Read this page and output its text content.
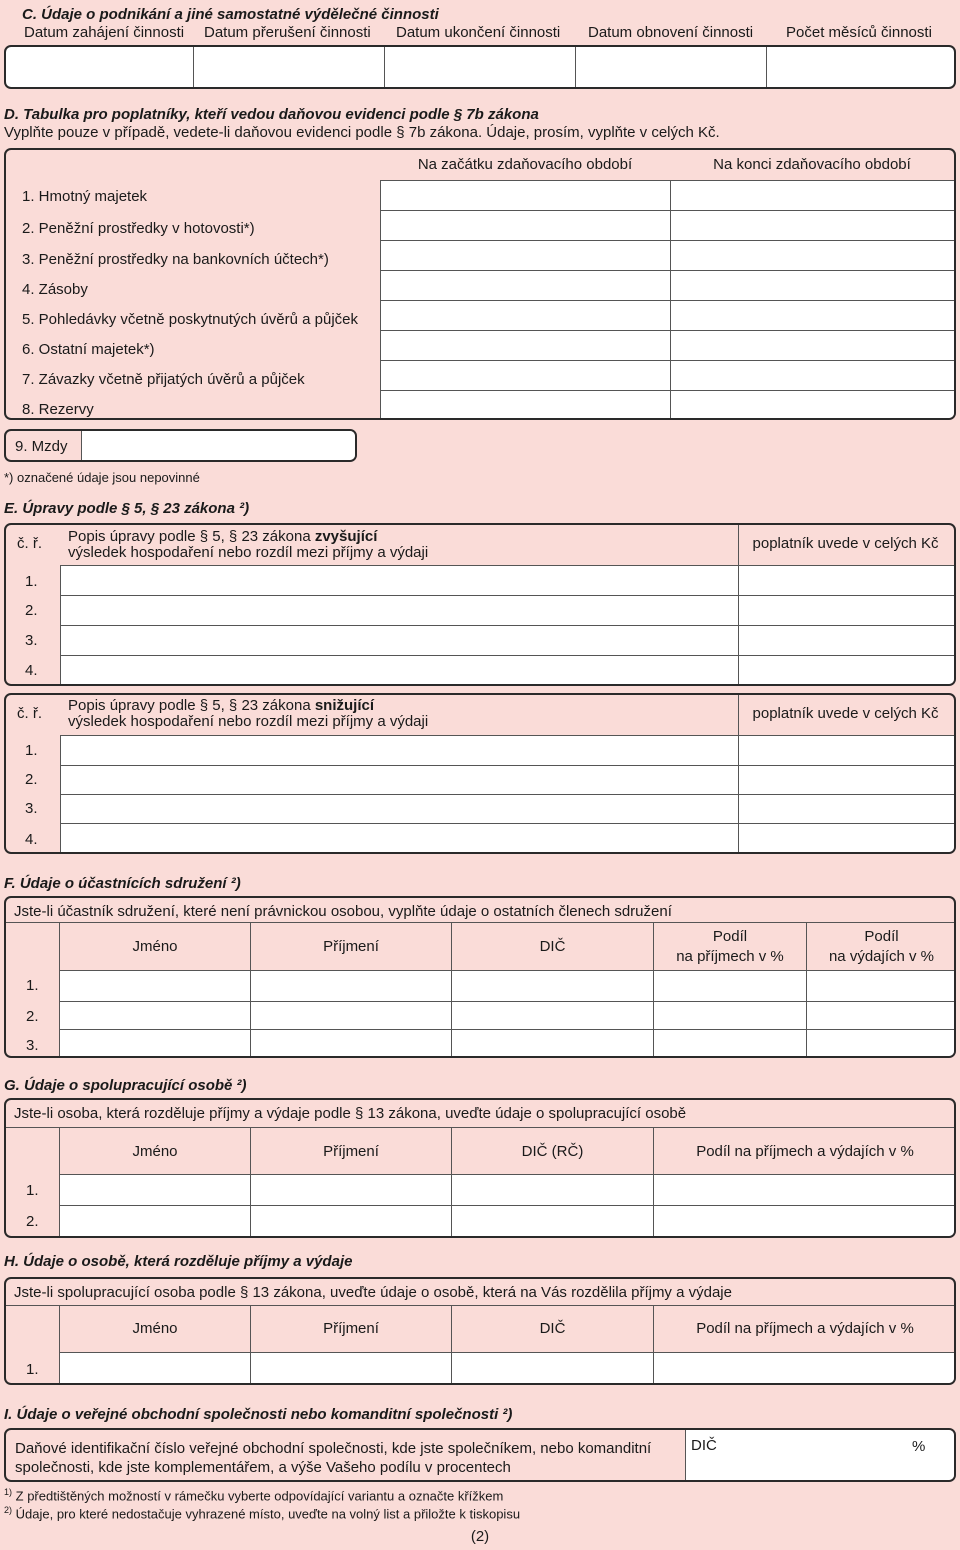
C. Údaje o podnikání a jiné samostatné výdělečné činnosti
Datum zahájení činnosti Datum přerušení činnosti Datum ukončení činnosti Datum obnovení činnosti Počet měsíců činnosti
D. Tabulka pro poplatníky, kteří vedou daňovou evidenci podle § 7b zákona
Vyplňte pouze v případě, vedete-li daňovou evidenci podle § 7b zákona. Údaje, prosím, vyplňte v celých Kč.
Na začátku zdaňovacího období	Na konci zdaňovacího období
1. Hmotný majetek
2. Peněžní prostředky v hotovosti*)
3. Peněžní prostředky na bankovních účtech*)
4. Zásoby
5. Pohledávky včetně poskytnutých úvěrů a půjček
6. Ostatní majetek*)
7. Závazky včetně přijatých úvěrů a půjček
8. Rezervy
9. Mzdy
*) označené údaje jsou nepovinné
E. Úpravy podle § 5, § 23 zákona ²)
č. ř. Popis úpravy podle § 5, § 23 zákona zvyšující
výsledek hospodaření nebo rozdíl mezi příjmy a výdaji
poplatník uvede v celých Kč
1.
2.
3.
4.
č. ř. Popis úpravy podle § 5, § 23 zákona snižující
výsledek hospodaření nebo rozdíl mezi příjmy a výdaji	poplatník uvede v celých Kč
1.
2.
3.
4.
F. Údaje o účastnících sdružení ²)
Jste-li účastník sdružení, které není právnickou osobou, vyplňte údaje o ostatních členech sdružení
Jméno	Příjmení	DIČ
Podíl
na příjmech v %
Podíl
na výdajích v %
1.
2.
3.
G. Údaje o spolupracující osobě ²)
Jste-li osoba, která rozděluje příjmy a výdaje podle § 13 zákona, uveďte údaje o spolupracující osobě
Jméno	Příjmení	DIČ (RČ)	Podíl na příjmech a výdajích v %
1.
2.
H. Údaje o osobě, která rozděluje příjmy a výdaje
Jste-li spolupracující osoba podle § 13 zákona, uveďte údaje o osobě, která na Vás rozdělila příjmy a výdaje
Jméno	Příjmení	DIČ	Podíl na příjmech a výdajích v %
1.
I. Údaje o veřejné obchodní společnosti nebo komanditní společnosti ²)
Daňové identifikační číslo veřejné obchodní společnosti, kde jste společníkem, nebo komanditní
společnosti, kde jste komplementářem, a výše Vašeho podílu v procentech
DIČ	%
$^{1)}$ Z předtištěných možností v rámečku vyberte odpovídající variantu a označte křížkem
$^{2)}$ Údaje, pro které nedostačuje vyhrazené místo, uveďte na volný list a přiložte k tiskopisu
(2)
